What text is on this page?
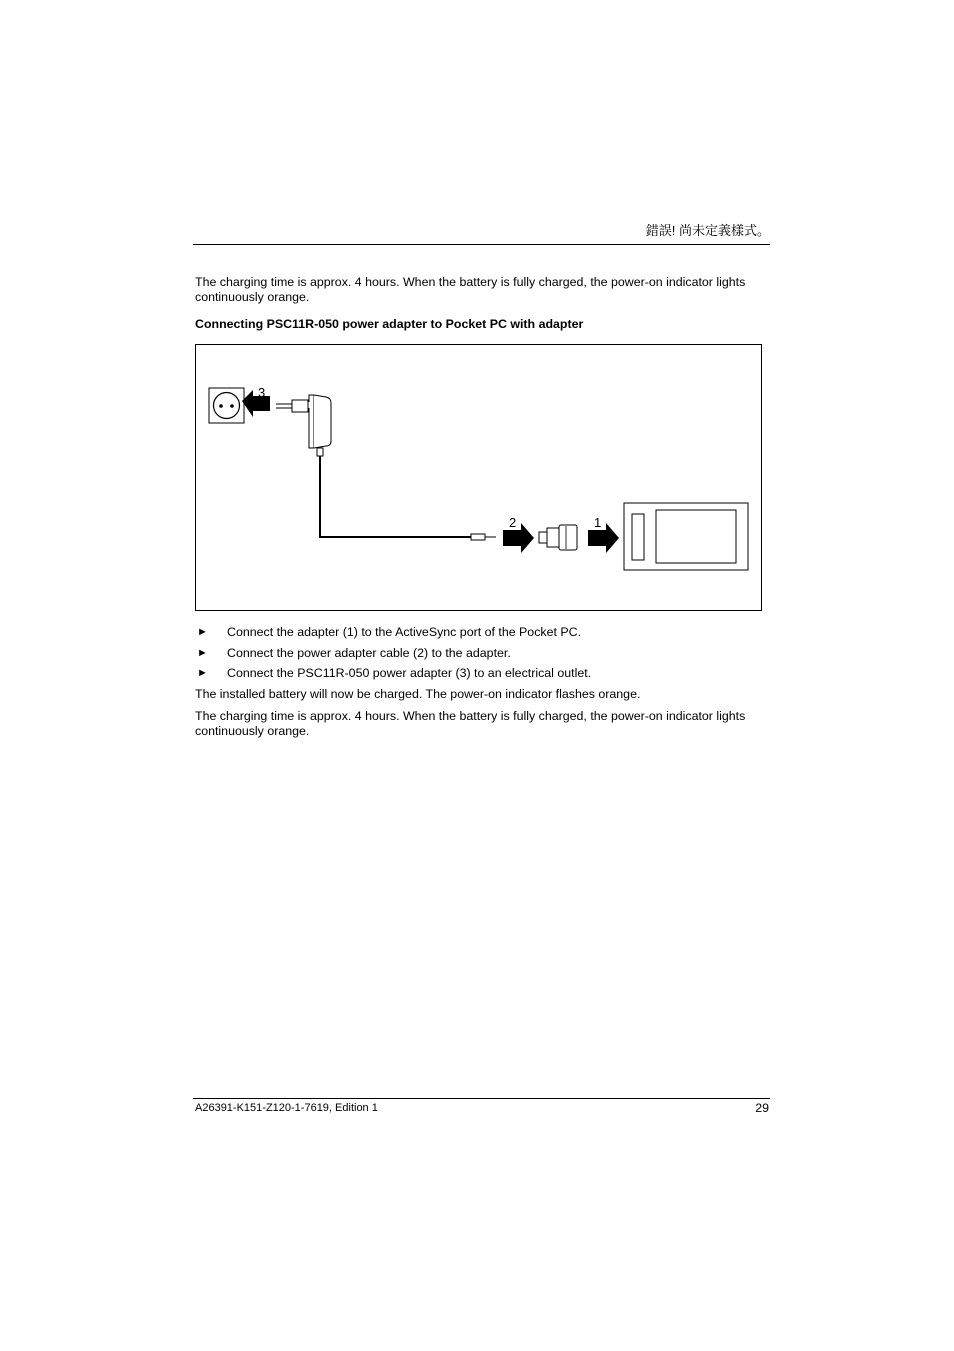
錯誤! 尚未定義樣式。
The charging time is approx. 4 hours. When the battery is fully charged, the power-on indicator lights continuously orange.
Connecting PSC11R-050 power adapter to Pocket PC with adapter
3
2	1
► Connect the adapter (1) to the ActiveSync port of the Pocket PC.
► Connect the power adapter cable (2) to the adapter.
► Connect the PSC11R-050 power adapter (3) to an electrical outlet.
The installed battery will now be charged. The power-on indicator flashes orange.
The charging time is approx. 4 hours. When the battery is fully charged, the power-on indicator lights continuously orange.
A26391-K151-Z120-1-7619, Edition 1	29
